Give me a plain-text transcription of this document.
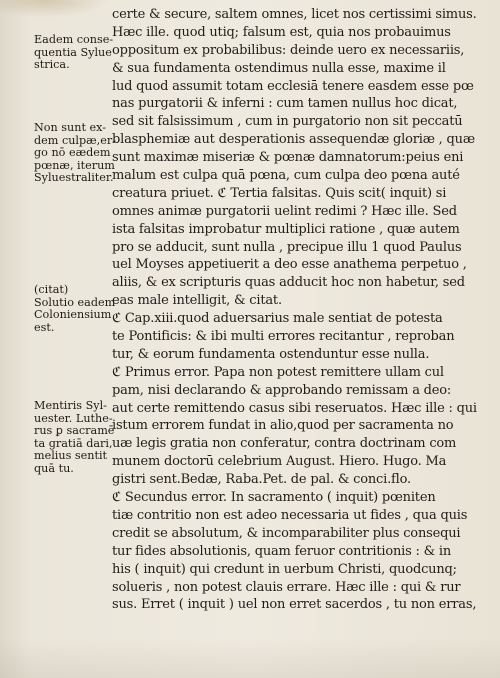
certe & secure, saltem omnes, licet nos certissimi simus.
Hæc ille. quod utiq; falsum est, quia nos probauimus
oppositum ex probabilibus: deinde uero ex necessariis,
& sua fundamenta ostendimus nulla esse, maxime il
lud quod assumit totam ecclesiā tenere easdem esse pœ
nas purgatorii & inferni : cum tamen nullus hoc dicat,
sed sit falsissimum , cum in purgatorio non sit peccatū
blasphemiæ aut desperationis assequendæ gloriæ , quæ
sunt maximæ miseriæ & pœnæ damnatorum:peius eni
malum est culpa quā pœna, cum culpa deo pœna auté
creatura priuet. ℭ Tertia falsitas. Quis scit( inquit) si
omnes animæ purgatorii uelint redimi ? Hæc ille. Sed
ista falsitas improbatur multiplici ratione , quæ autem
pro se adducit, sunt nulla , precipue illu 1 quod Paulus
uel Moyses appetiuerit a deo esse anathema perpetuo ,
aliis, & ex scripturis quas adducit hoc non habetur, sed
eas male intelligit, & citat.
ℭ Cap.xiii.quod aduersarius male sentiat de potesta
te Pontificis: & ibi multi errores recitantur , reproban
tur, & eorum fundamenta ostenduntur esse nulla.
ℭ Primus error. Papa non potest remittere ullam cul
pam, nisi declarando & approbando remissam a deo:
aut certe remittendo casus sibi reseruatos. Hæc ille : qui
istum errorem fundat in alio,quod per sacramenta no
uæ legis gratia non conferatur, contra doctrinam com
munem doctorū celebrium August. Hiero. Hugo. Ma
gistri sent.Bedæ, Raba.Pet. de pal. & conci.flo.
ℭ Secundus error. In sacramento ( inquit) pœniten
tiæ contritio non est adeo necessaria ut fides , qua quis
credit se absolutum, & incomparabiliter plus consequi
tur fides absolutionis, quam feruor contritionis : & in
his ( inquit) qui credunt in uerbum Christi, quodcunq;
solueris , non potest clauis errare. Hæc ille : qui & rur
sus. Erret ( inquit ) uel non erret sacerdos , tu non erras,
Eadem conse-
quentia Sylue
strica.
Non sunt ex-
dem culpæ,er-
go nō eædem
pœnæ, iterum
Syluestraliter.
(citat)
Solutio eadem
Coloniensium
est.
Mentiris Syl-
uester. Luthe-
rus ꝑ sacramē
ta gratiā dari,
melius sentit
quā tu.
